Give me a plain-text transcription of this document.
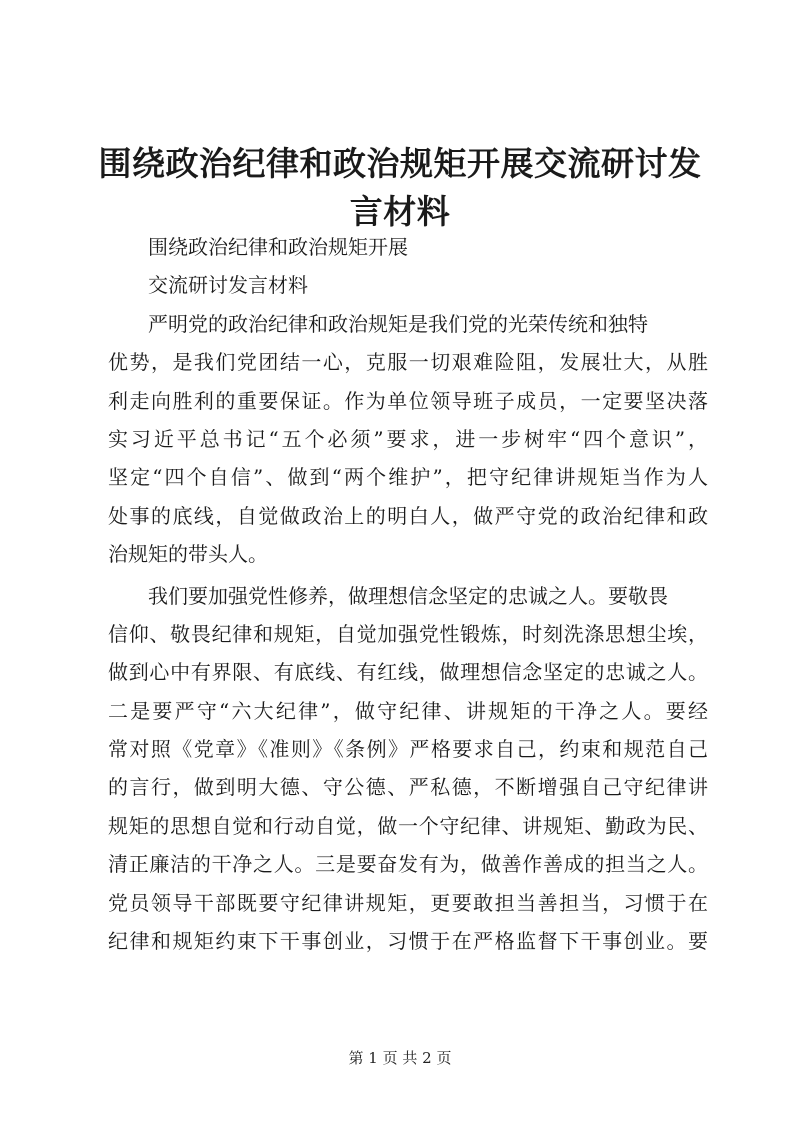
围绕政治纪律和政治规矩开展交流研讨发言材料
围绕政治纪律和政治规矩开展
交流研讨发言材料
严明党的政治纪律和政治规矩是我们党的光荣传统和独特
优势，是我们党团结一心，克服一切艰难险阻，发展壮大，从胜
利走向胜利的重要保证。作为单位领导班子成员，一定要坚决落
实习近平总书记“五个必须”要求，进一步树牢“四个意识”，
坚定“四个自信”、做到“两个维护”，把守纪律讲规矩当作为人
处事的底线，自觉做政治上的明白人，做严守党的政治纪律和政
治规矩的带头人。
我们要加强党性修养，做理想信念坚定的忠诚之人。要敬畏
信仰、敬畏纪律和规矩，自觉加强党性锻炼，时刻洗涤思想尘埃，
做到心中有界限、有底线、有红线，做理想信念坚定的忠诚之人。
二是要严守“六大纪律”，做守纪律、讲规矩的干净之人。要经
常对照《党章》《准则》《条例》严格要求自己，约束和规范自己
的言行，做到明大德、守公德、严私德，不断增强自己守纪律讲
规矩的思想自觉和行动自觉，做一个守纪律、讲规矩、勤政为民、
清正廉洁的干净之人。三是要奋发有为，做善作善成的担当之人。
党员领导干部既要守纪律讲规矩，更要敢担当善担当，习惯于在
纪律和规矩约束下干事创业，习惯于在严格监督下干事创业。要
第 1 页 共 2 页
